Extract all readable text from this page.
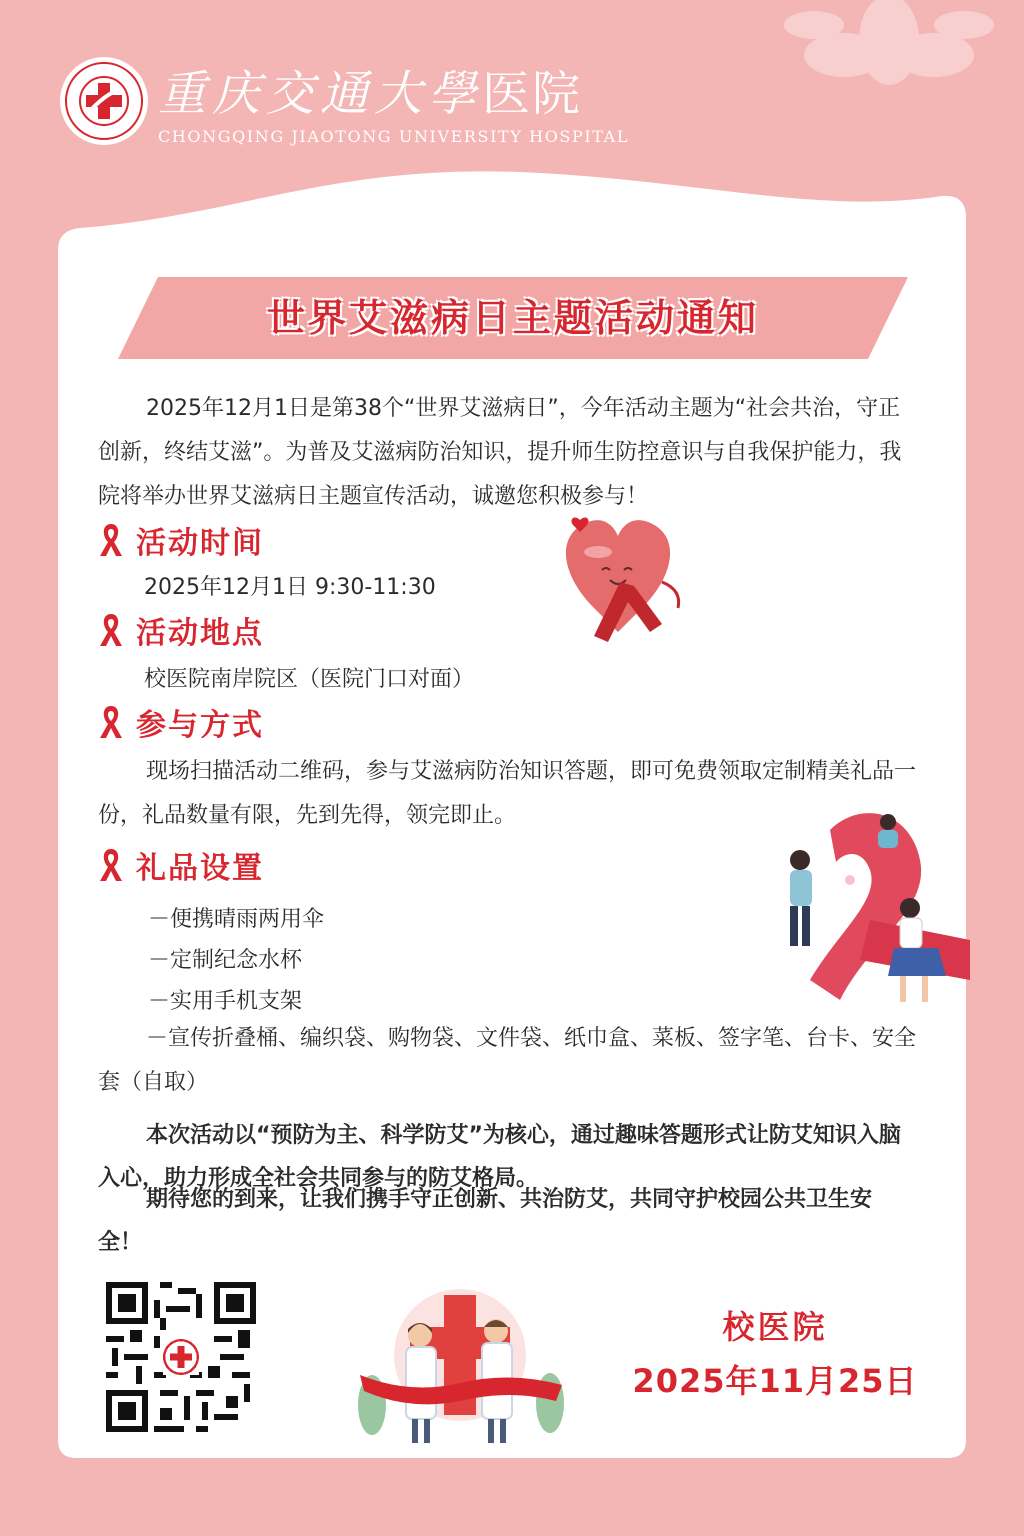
重庆交通大學医院
CHONGQING JIAOTONG UNIVERSITY HOSPITAL
世界艾滋病日主题活动通知

2025年12月1日是第38个“世界艾滋病日”，今年活动主题为“社会共治，守正创新，终结艾滋”。为普及艾滋病防治知识，提升师生防控意识与自我保护能力，我院将举办世界艾滋病日主题宣传活动，诚邀您积极参与！

活动时间
2025年12月1日 9:30-11:30
活动地点
校医院南岸院区（医院门口对面）
参与方式

现场扫描活动二维码，参与艾滋病防治知识答题，即可免费领取定制精美礼品一份，礼品数量有限，先到先得，领完即止。

礼品设置
－便携晴雨两用伞
－定制纪念水杯
－实用手机支架

－宣传折叠桶、编织袋、购物袋、文件袋、纸巾盒、菜板、签字笔、台卡、安全套（自取）

本次活动以“预防为主、科学防艾”为核心，通过趣味答题形式让防艾知识入脑入心，助力形成全社会共同参与的防艾格局。

期待您的到来，让我们携手守正创新、共治防艾，共同守护校园公共卫生安全！

校医院
2025年11月25日
